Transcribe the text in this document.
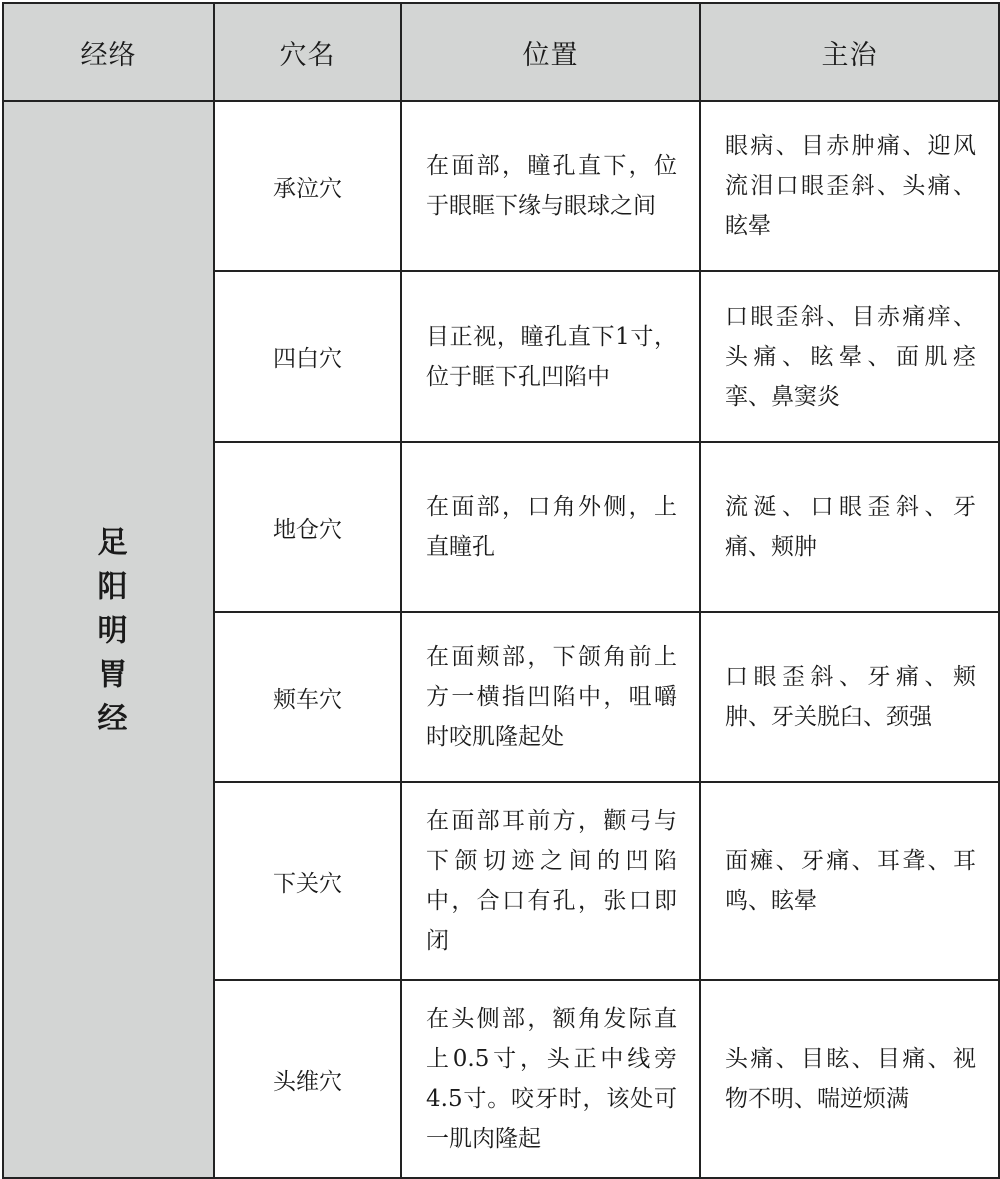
经络	穴名	位置	主治
足阳明胃经	承泣穴	在面部，瞳孔直下，位于眼眶下缘与眼球之间	眼病、目赤肿痛、迎风流泪口眼歪斜、头痛、眩晕
	四白穴	目正视，瞳孔直下1寸，位于眶下孔凹陷中	口眼歪斜、目赤痛痒、头痛、眩晕、面肌痉挛、鼻窦炎
	地仓穴	在面部，口角外侧，上直瞳孔	流涎、口眼歪斜、牙痛、颊肿
	颊车穴	在面颊部，下颌角前上方一横指凹陷中，咀嚼时咬肌隆起处	口眼歪斜、牙痛、颊肿、牙关脱臼、颈强
	下关穴	在面部耳前方，颧弓与下颌切迹之间的凹陷中，合口有孔，张口即闭	面瘫、牙痛、耳聋、耳鸣、眩晕
	头维穴	在头侧部，额角发际直上0.5寸，头正中线旁4.5寸。咬牙时，该处可一肌肉隆起	头痛、目眩、目痛、视物不明、喘逆烦满
